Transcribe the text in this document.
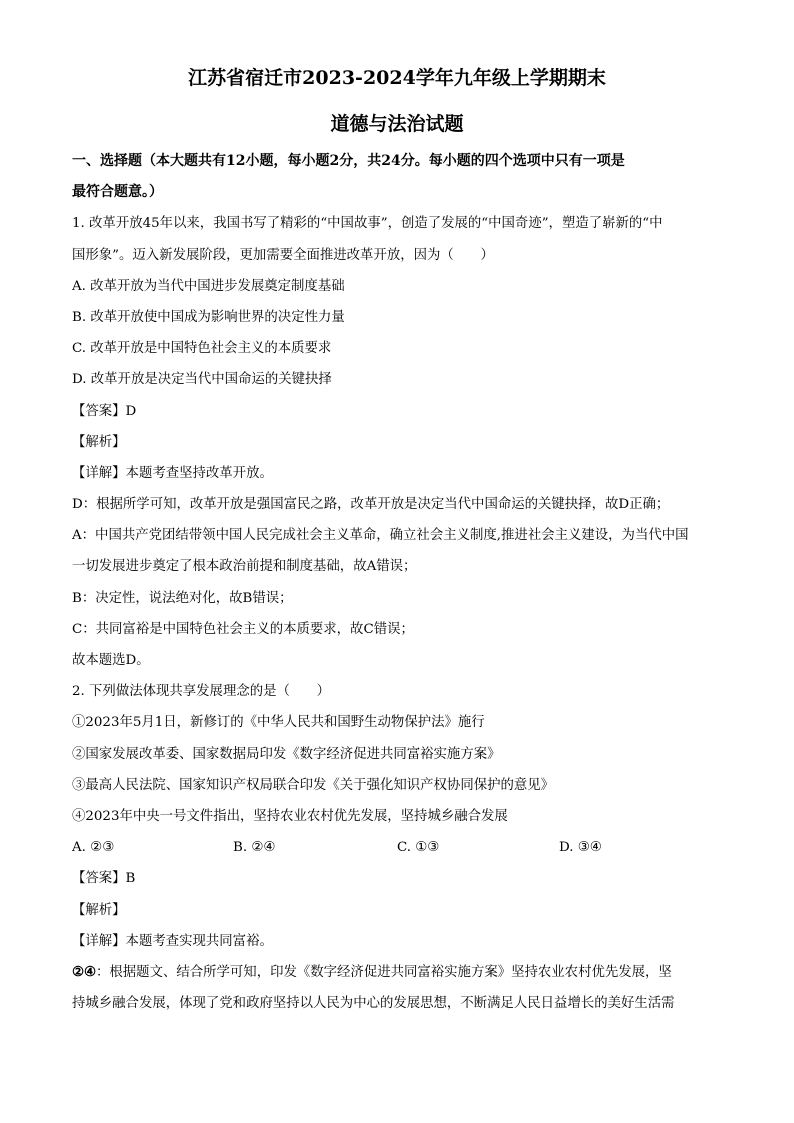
江苏省宿迁市2023-2024学年九年级上学期期末

道德与法治试题

一、选择题（本大题共有12小题，每小题2分，共24分。每小题的四个选项中只有一项是
最符合题意。）
1. 改革开放45年以来，我国书写了精彩的“中国故事”，创造了发展的“中国奇迹”，塑造了崭新的“中
国形象”。迈入新发展阶段，更加需要全面推进改革开放，因为（　　）
A. 改革开放为当代中国进步发展奠定制度基础
B. 改革开放使中国成为影响世界的决定性力量
C. 改革开放是中国特色社会主义的本质要求
D. 改革开放是决定当代中国命运的关键抉择
【答案】D
【解析】
【详解】本题考查坚持改革开放。
D：根据所学可知，改革开放是强国富民之路，改革开放是决定当代中国命运的关键抉择，故D正确；
A：中国共产党团结带领中国人民完成社会主义革命，确立社会主义制度,推进社会主义建设，为当代中国
一切发展进步奠定了根本政治前提和制度基础，故A错误；
B：决定性，说法绝对化，故B错误；
C：共同富裕是中国特色社会主义的本质要求，故C错误；
故本题选D。
2. 下列做法体现共享发展理念的是（　　）
①2023年5月1日，新修订的《中华人民共和国野生动物保护法》施行
②国家发展改革委、国家数据局印发《数字经济促进共同富裕实施方案》
③最高人民法院、国家知识产权局联合印发《关于强化知识产权协同保护的意见》
④2023年中央一号文件指出，坚持农业农村优先发展，坚持城乡融合发展
A. ②③	B. ②④	C. ①③	D. ③④
【答案】B
【解析】
【详解】本题考查实现共同富裕。
②④：根据题文、结合所学可知，印发《数字经济促进共同富裕实施方案》坚持农业农村优先发展，坚
持城乡融合发展，体现了党和政府坚持以人民为中心的发展思想，不断满足人民日益增长的美好生活需
